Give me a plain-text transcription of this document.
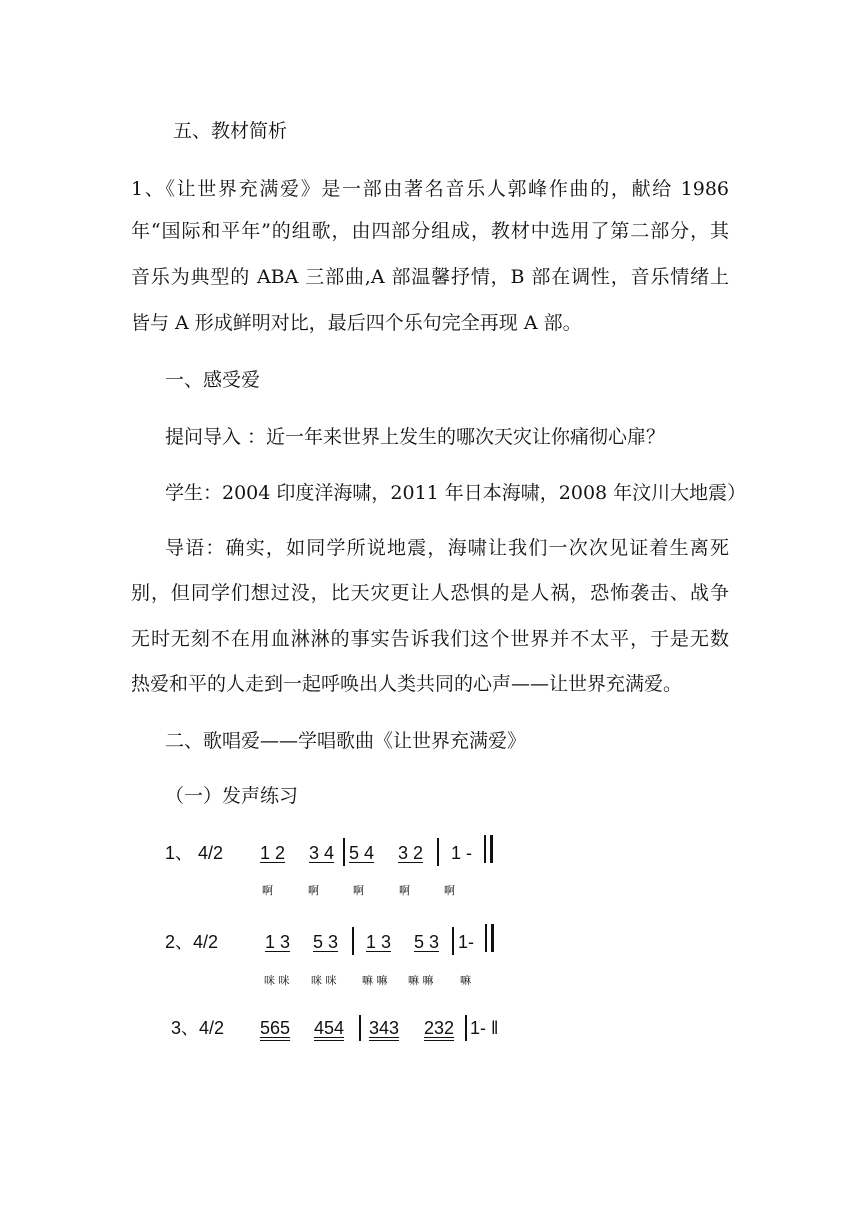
五、教材简析
1、《让世界充满爱》是一部由著名音乐人郭峰作曲的，献给 1986
年“国际和平年”的组歌，由四部分组成，教材中选用了第二部分，其
音乐为典型的 ABA 三部曲,A 部温馨抒情，B 部在调性，音乐情绪上
皆与 A 形成鲜明对比，最后四个乐句完全再现 A 部。
一、感受爱
提问导入 ：近一年来世界上发生的哪次天灾让你痛彻心扉？
学生：2004 印度洋海啸，2011 年日本海啸，2008 年汶川大地震）
导语：确实，如同学所说地震，海啸让我们一次次见证着生离死
别，但同学们想过没，比天灾更让人恐惧的是人祸，恐怖袭击、战争
无时无刻不在用血淋淋的事实告诉我们这个世界并不太平，于是无数
热爱和平的人走到一起呼唤出人类共同的心声——让世界充满爱。
二、歌唱爱——学唱歌曲《让世界充满爱》
（一）发声练习
1、 4/2 1 2 3 4 5 4 3 2 1 -
啊	啊	啊	啊	啊
2、4/2	1 3 5 3 1 3 5 3 1-
咪 咪 咪 咪 嘛 嘛 嘛 嘛 嘛
3、4/2 565 454 343 232 1- ‖
